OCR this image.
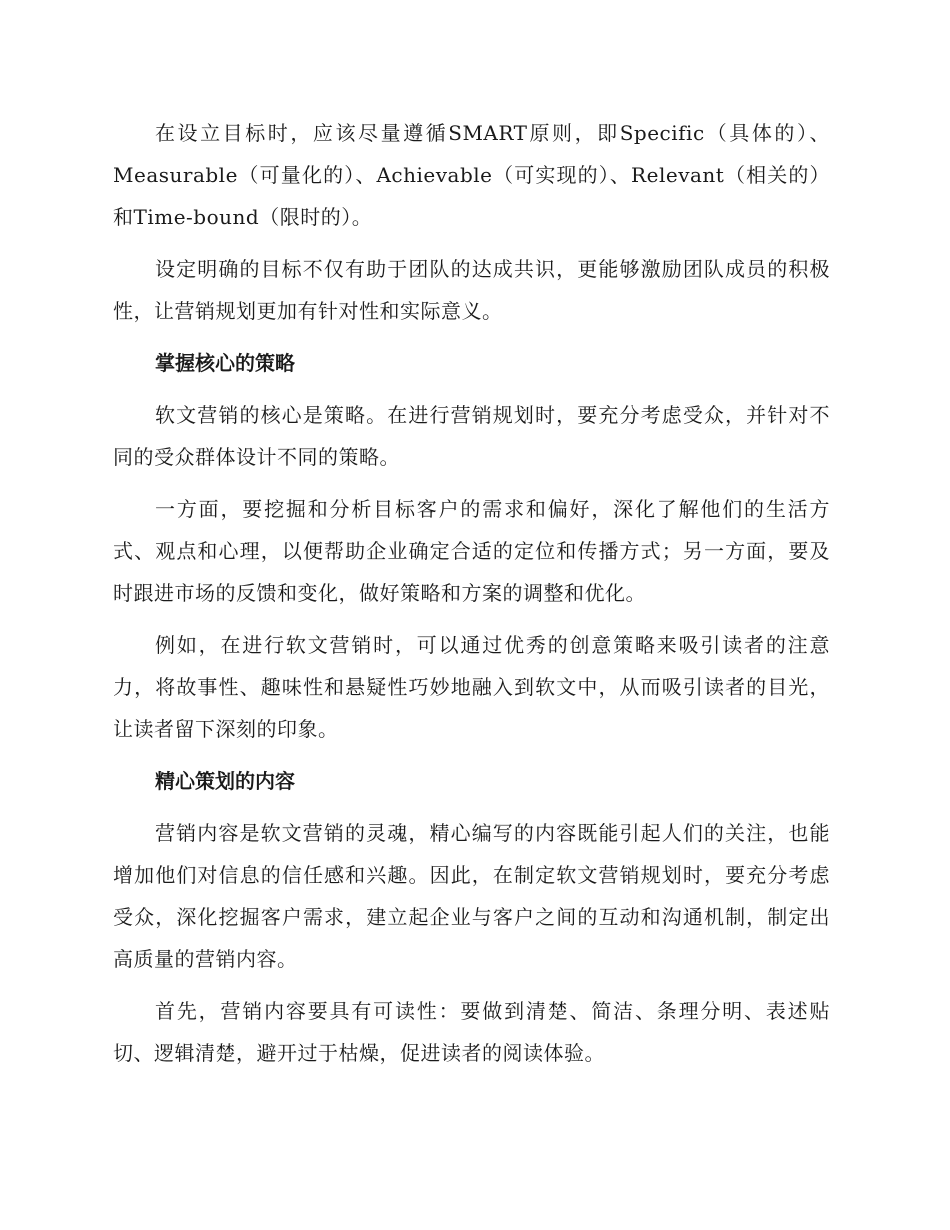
在设立目标时，应该尽量遵循SMART原则，即Specific（具体的）、Measurable（可量化的）、Achievable（可实现的）、Relevant（相关的）和Time-bound（限时的）。

设定明确的目标不仅有助于团队的达成共识，更能够激励团队成员的积极性，让营销规划更加有针对性和实际意义。

掌握核心的策略

软文营销的核心是策略。在进行营销规划时，要充分考虑受众，并针对不同的受众群体设计不同的策略。

一方面，要挖掘和分析目标客户的需求和偏好，深化了解他们的生活方式、观点和心理，以便帮助企业确定合适的定位和传播方式；另一方面，要及时跟进市场的反馈和变化，做好策略和方案的调整和优化。

例如，在进行软文营销时，可以通过优秀的创意策略来吸引读者的注意力，将故事性、趣味性和悬疑性巧妙地融入到软文中，从而吸引读者的目光，让读者留下深刻的印象。

精心策划的内容

营销内容是软文营销的灵魂，精心编写的内容既能引起人们的关注，也能增加他们对信息的信任感和兴趣。因此，在制定软文营销规划时，要充分考虑受众，深化挖掘客户需求，建立起企业与客户之间的互动和沟通机制，制定出高质量的营销内容。

首先，营销内容要具有可读性：要做到清楚、简洁、条理分明、表述贴切、逻辑清楚，避开过于枯燥，促进读者的阅读体验。
